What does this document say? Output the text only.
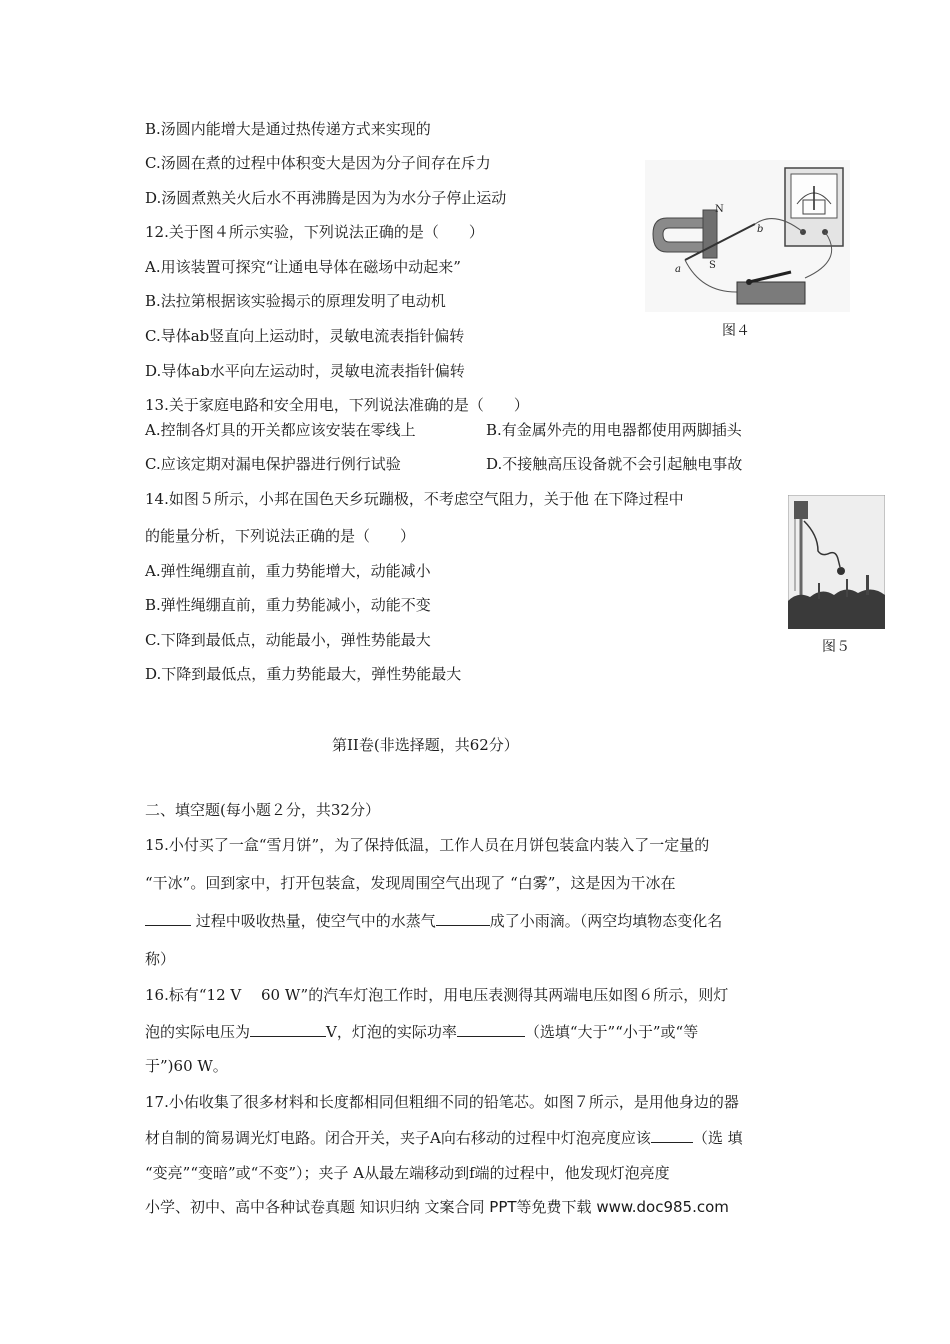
B.汤圆内能增大是通过热传递方式来实现的
C.汤圆在煮的过程中体积变大是因为分子间存在斥力
D.汤圆煮熟关火后水不再沸腾是因为为水分子停止运动
12.关于图４所示实验，下列说法正确的是（　　）
A.用该装置可探究“让通电导体在磁场中动起来”
B.法拉第根据该实验揭示的原理发明了电动机
C.导体ab竖直向上运动时，灵敏电流表指针偏转
D.导体ab水平向左运动时，灵敏电流表指针偏转
N
S
a
b
图４
13.关于家庭电路和安全用电，下列说法准确的是（　　）
A.控制各灯具的开关都应该安装在零线上	B.有金属外壳的用电器都使用两脚插头
C.应该定期对漏电保护器进行例行试验	D.不接触高压设备就不会引起触电事故
14.如图５所示，小邦在国色天乡玩蹦极，不考虑空气阻力，关于他 在下降过程中
的能量分析，下列说法正确的是（　　）
A.弹性绳绷直前，重力势能增大，动能减小
B.弹性绳绷直前，重力势能减小，动能不变
C.下降到最低点，动能最小，弹性势能最大
D.下降到最低点，重力势能最大，弹性势能最大
图５
第II卷(非选择题，共62分）
二、填空题(每小题２分，共32分）
15.小付买了一盒“雪月饼”，为了保持低温，工作人员在月饼包装盒内装入了一定量的
“干冰”。回到家中，打开包装盒，发现周围空气出现了 “白雾”，这是因为干冰在
过程中吸收热量，使空气中的水蒸气	成了小雨滴。（两空均填物态变化名
称）
16.标有“12 V　 60 W”的汽车灯泡工作时，用电压表测得其两端电压如图６所示，则灯
泡的实际电压为	V，灯泡的实际功率	（选填“大于”“小于”或“等
于”)60 W。
17.小佑收集了很多材料和长度都相同但粗细不同的铅笔芯。如图７所示，是用他身边的器
材自制的简易调光灯电路。闭合开关，夹子A向右移动的过程中灯泡亮度应该	（选 填
“变亮”“变暗”或“不变”）；夹子 A从最左端移动到f端的过程中，他发现灯泡亮度
小学、初中、高中各种试卷真题 知识归纳 文案合同 PPT等免费下载 www.doc985.com
